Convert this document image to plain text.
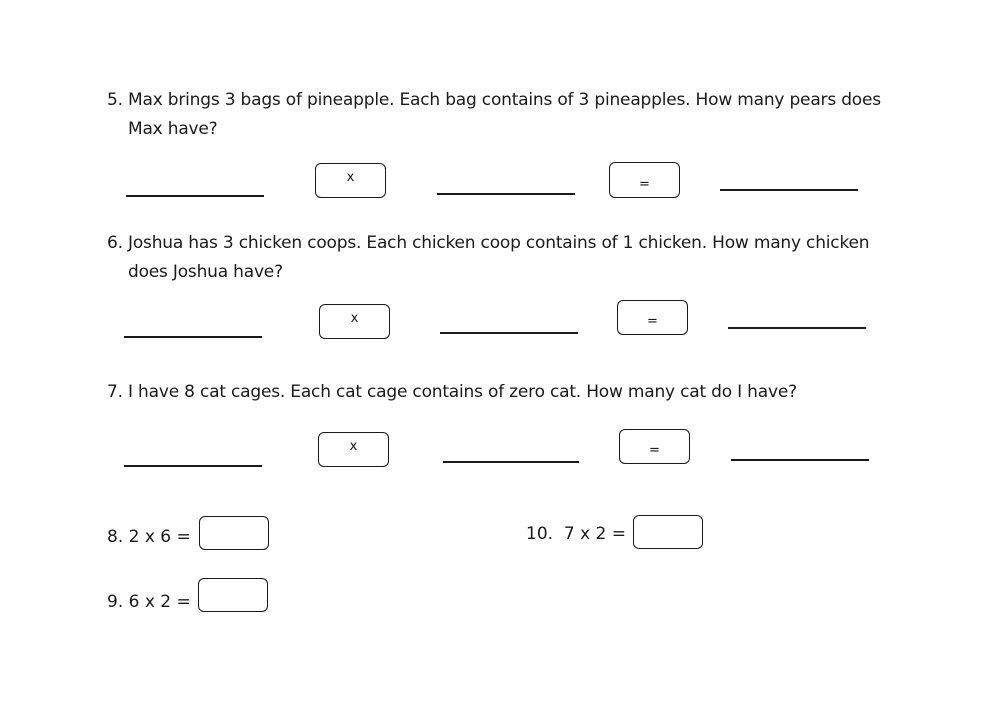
5. Max brings 3 bags of pineapple. Each bag contains of 3 pineapples. How many pears does
Max have?
x	=
6. Joshua has 3 chicken coops. Each chicken coop contains of 1 chicken. How many chicken
does Joshua have?
x	=
7. I have 8 cat cages. Each cat cage contains of zero cat. How many cat do I have?
x	=
8. 2 x 6 =
9. 6 x 2 =
10.  7 x 2 =
